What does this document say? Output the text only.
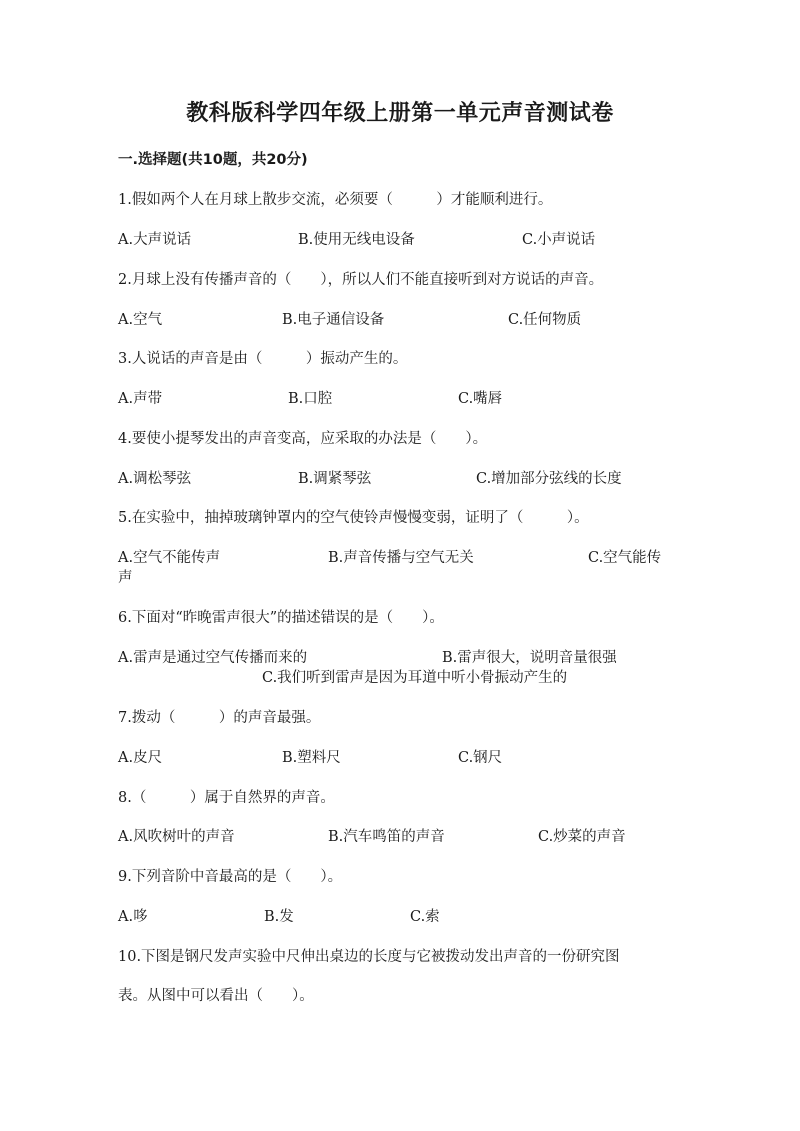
教科版科学四年级上册第一单元声音测试卷
一.选择题(共10题，共20分)
1.假如两个人在月球上散步交流，必须要（　　　）才能顺利进行。
A.大声说话	B.使用无线电设备	C.小声说话
2.月球上没有传播声音的（　　），所以人们不能直接听到对方说话的声音。
A.空气	B.电子通信设备	C.任何物质
3.人说话的声音是由（　　　）振动产生的。
A.声带	B.口腔	C.嘴唇
4.要使小提琴发出的声音变高，应采取的办法是（　　）。
A.调松琴弦	B.调紧琴弦	C.增加部分弦线的长度
5.在实验中，抽掉玻璃钟罩内的空气使铃声慢慢变弱，证明了（　　　）。
A.空气不能传声	B.声音传播与空气无关	C.空气能传
声
6.下面对“昨晚雷声很大”的描述错误的是（　　）。
A.雷声是通过空气传播而来的	B.雷声很大，说明音量很强
C.我们听到雷声是因为耳道中听小骨振动产生的
7.拨动（　　　）的声音最强。
A.皮尺	B.塑料尺	C.钢尺
8.（　　　）属于自然界的声音。
A.风吹树叶的声音	B.汽车鸣笛的声音	C.炒菜的声音
9.下列音阶中音最高的是（　　）。
A.哆	B.发	C.索
10.下图是钢尺发声实验中尺伸出桌边的长度与它被拨动发出声音的一份研究图
表。从图中可以看出（　　）。
